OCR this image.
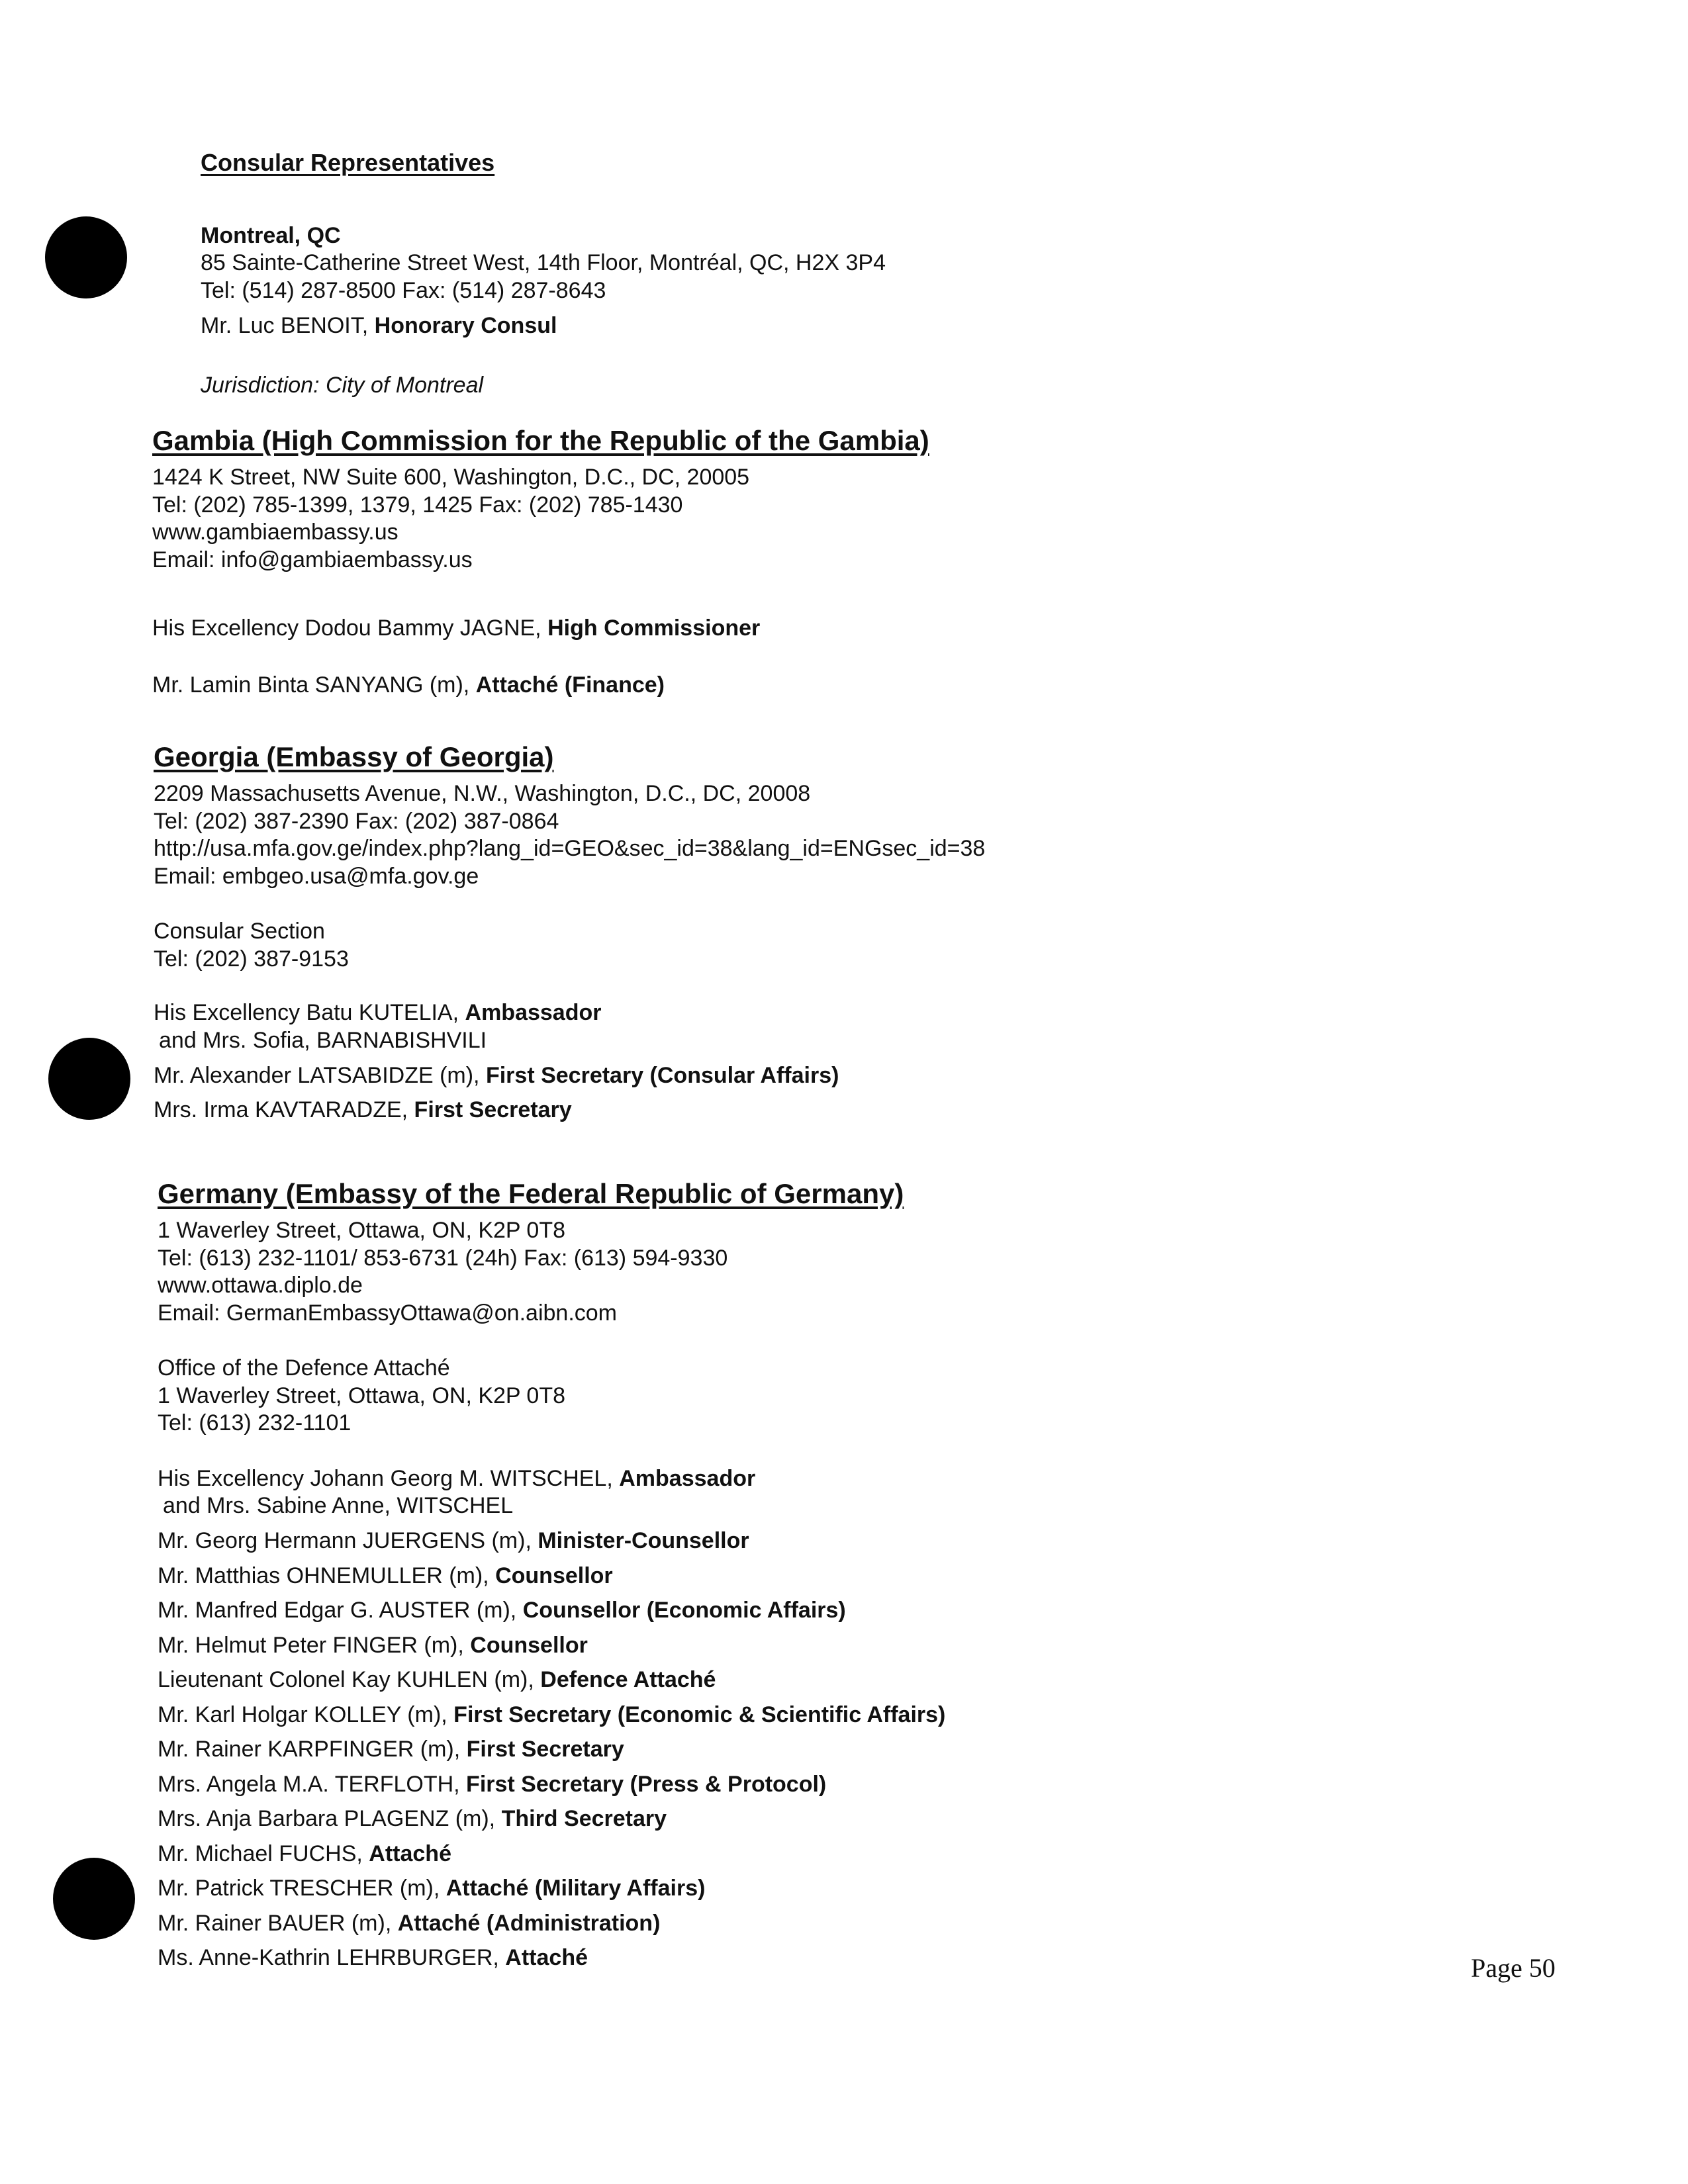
Consular Representatives
Montreal, QC
85 Sainte-Catherine Street West, 14th Floor, Montréal, QC, H2X 3P4
Tel: (514) 287-8500 Fax: (514) 287-8643
Mr. Luc BENOIT, Honorary Consul
Jurisdiction: City of Montreal
Gambia (High Commission for the Republic of the Gambia)
1424 K Street, NW Suite 600, Washington, D.C., DC, 20005
Tel: (202) 785-1399, 1379, 1425 Fax: (202) 785-1430
www.gambiaembassy.us
Email: info@gambiaembassy.us
His Excellency Dodou Bammy JAGNE, High Commissioner
Mr. Lamin Binta SANYANG (m), Attaché (Finance)
Georgia (Embassy of Georgia)
2209 Massachusetts Avenue, N.W., Washington, D.C., DC, 20008
Tel: (202) 387-2390 Fax: (202) 387-0864
http://usa.mfa.gov.ge/index.php?lang_id=GEO&sec_id=38&lang_id=ENGsec_id=38
Email: embgeo.usa@mfa.gov.ge
Consular Section
Tel: (202) 387-9153
His Excellency Batu KUTELIA, Ambassador
and Mrs. Sofia, BARNABISHVILI
Mr. Alexander LATSABIDZE (m), First Secretary (Consular Affairs)
Mrs. Irma KAVTARADZE, First Secretary
Germany (Embassy of the Federal Republic of Germany)
1 Waverley Street, Ottawa, ON, K2P 0T8
Tel: (613) 232-1101/ 853-6731 (24h) Fax: (613) 594-9330
www.ottawa.diplo.de
Email: GermanEmbassyOttawa@on.aibn.com
Office of the Defence Attaché
1 Waverley Street, Ottawa, ON, K2P 0T8
Tel: (613) 232-1101
His Excellency Johann Georg M. WITSCHEL, Ambassador
and Mrs. Sabine Anne, WITSCHEL
Mr. Georg Hermann JUERGENS (m), Minister-Counsellor
Mr. Matthias OHNEMULLER (m), Counsellor
Mr. Manfred Edgar G. AUSTER (m), Counsellor (Economic Affairs)
Mr. Helmut Peter FINGER (m), Counsellor
Lieutenant Colonel Kay KUHLEN (m), Defence Attaché
Mr. Karl Holgar KOLLEY (m), First Secretary (Economic & Scientific Affairs)
Mr. Rainer KARPFINGER (m), First Secretary
Mrs. Angela M.A. TERFLOTH, First Secretary (Press & Protocol)
Mrs. Anja Barbara PLAGENZ (m), Third Secretary
Mr. Michael FUCHS, Attaché
Mr. Patrick TRESCHER (m), Attaché (Military Affairs)
Mr. Rainer BAUER (m), Attaché (Administration)
Ms. Anne-Kathrin LEHRBURGER, Attaché	Page 50
